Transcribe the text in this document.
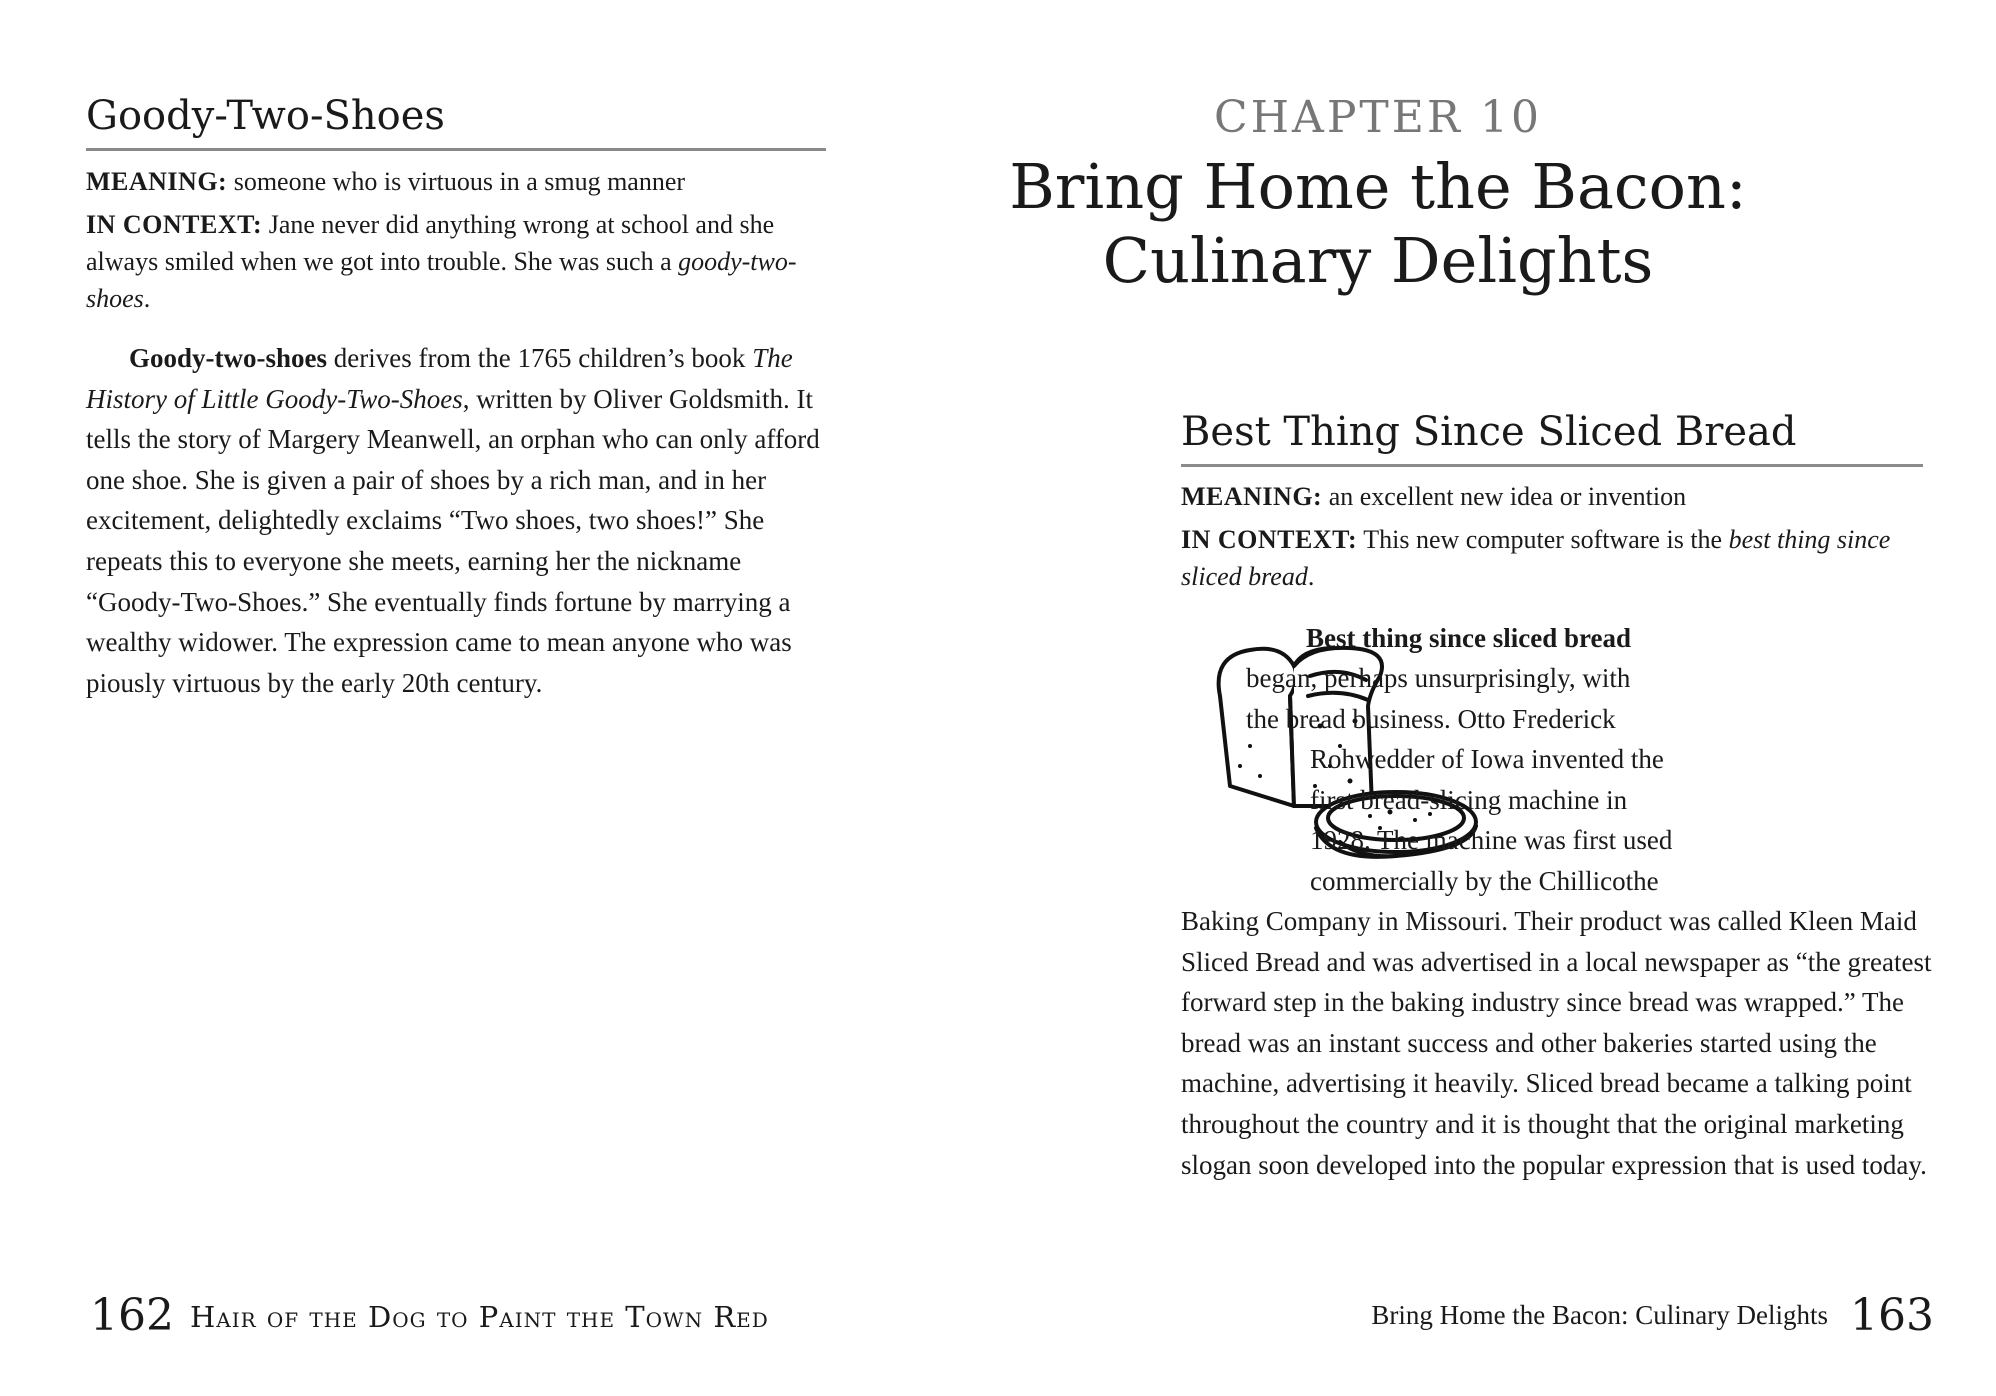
Goody-Two-Shoes

MEANING: someone who is virtuous in a smug manner

IN CONTEXT: Jane never did anything wrong at school and she always smiled when we got into trouble. She was such a goody-two-shoes.

Goody-two-shoes derives from the 1765 children’s book The History of Little Goody-Two-Shoes, written by Oliver Goldsmith. It tells the story of Margery Meanwell, an orphan who can only afford one shoe. She is given a pair of shoes by a rich man, and in her excitement, delightedly exclaims “Two shoes, two shoes!” She repeats this to everyone she meets, earning her the nickname “Goody-Two-Shoes.” She eventually finds fortune by marrying a wealthy widower. The expression came to mean anyone who was piously virtuous by the early 20th century.

162 Hair of the Dog to Paint the Town Red
CHAPTER 10
Bring Home the Bacon:
Culinary Delights
Best Thing Since Sliced Bread

MEANING: an excellent new idea or invention

IN CONTEXT: This new computer software is the best thing since sliced bread.

Best thing since sliced bread
began, perhaps unsurprisingly, with
the bread business. Otto Frederick
Rohwedder of Iowa invented the
first bread-slicing machine in
1928. The machine was first used
commercially by the Chillicothe

Baking Company in Missouri. Their product was called Kleen Maid Sliced Bread and was advertised in a local newspaper as “the greatest forward step in the baking industry since bread was wrapped.” The bread was an instant success and other bakeries started using the machine, advertising it heavily. Sliced bread became a talking point throughout the country and it is thought that the original marketing slogan soon developed into the popular expression that is used today.

Bring Home the Bacon: Culinary Delights 163
